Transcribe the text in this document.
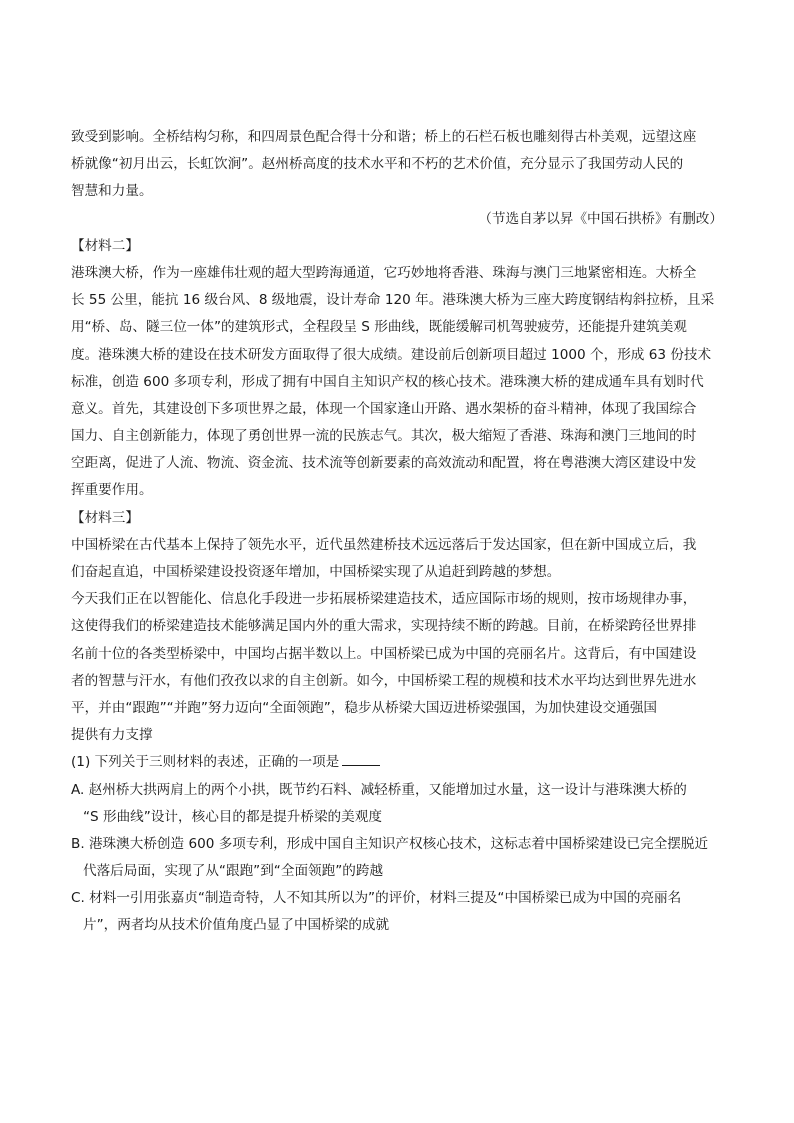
致受到影响。全桥结构匀称，和四周景色配合得十分和谐；桥上的石栏石板也雕刻得古朴美观，远望这座
桥就像“初月出云，长虹饮涧”。赵州桥高度的技术水平和不朽的艺术价值，充分显示了我国劳动人民的
智慧和力量。
（节选自茅以昇《中国石拱桥》有删改）
【材料二】
港珠澳大桥，作为一座雄伟壮观的超大型跨海通道，它巧妙地将香港、珠海与澳门三地紧密相连。大桥全
长 55 公里，能抗 16 级台风、8 级地震，设计寿命 120 年。港珠澳大桥为三座大跨度钢结构斜拉桥，且采
用“桥、岛、隧三位一体”的建筑形式，全程段呈 S 形曲线，既能缓解司机驾驶疲劳，还能提升建筑美观
度。港珠澳大桥的建设在技术研发方面取得了很大成绩。建设前后创新项目超过 1000 个，形成 63 份技术
标准，创造 600 多项专利，形成了拥有中国自主知识产权的核心技术。港珠澳大桥的建成通车具有划时代
意义。首先，其建设创下多项世界之最，体现一个国家逢山开路、遇水架桥的奋斗精神，体现了我国综合
国力、自主创新能力，体现了勇创世界一流的民族志气。其次，极大缩短了香港、珠海和澳门三地间的时
空距离，促进了人流、物流、资金流、技术流等创新要素的高效流动和配置，将在粤港澳大湾区建设中发
挥重要作用。
【材料三】
中国桥梁在古代基本上保持了领先水平，近代虽然建桥技术远远落后于发达国家，但在新中国成立后，我
们奋起直追，中国桥梁建设投资逐年增加，中国桥梁实现了从追赶到跨越的梦想。
今天我们正在以智能化、信息化手段进一步拓展桥梁建造技术，适应国际市场的规则，按市场规律办事，
这使得我们的桥梁建造技术能够满足国内外的重大需求，实现持续不断的跨越。目前，在桥梁跨径世界排
名前十位的各类型桥梁中，中国均占据半数以上。中国桥梁已成为中国的亮丽名片。这背后，有中国建设
者的智慧与汗水，有他们孜孜以求的自主创新。如今，中国桥梁工程的规模和技术水平均达到世界先进水
平，并由“跟跑”“并跑”努力迈向“全面领跑”，稳步从桥梁大国迈进桥梁强国，为加快建设交通强国
提供有力支撑
(1) 下列关于三则材料的表述，正确的一项是
A. 赵州桥大拱两肩上的两个小拱，既节约石料、减轻桥重，又能增加过水量，这一设计与港珠澳大桥的
“S 形曲线”设计，核心目的都是提升桥梁的美观度
B. 港珠澳大桥创造 600 多项专利，形成中国自主知识产权核心技术，这标志着中国桥梁建设已完全摆脱近
代落后局面，实现了从“跟跑”到“全面领跑”的跨越
C. 材料一引用张嘉贞“制造奇特，人不知其所以为”的评价，材料三提及“中国桥梁已成为中国的亮丽名
片”，两者均从技术价值角度凸显了中国桥梁的成就
